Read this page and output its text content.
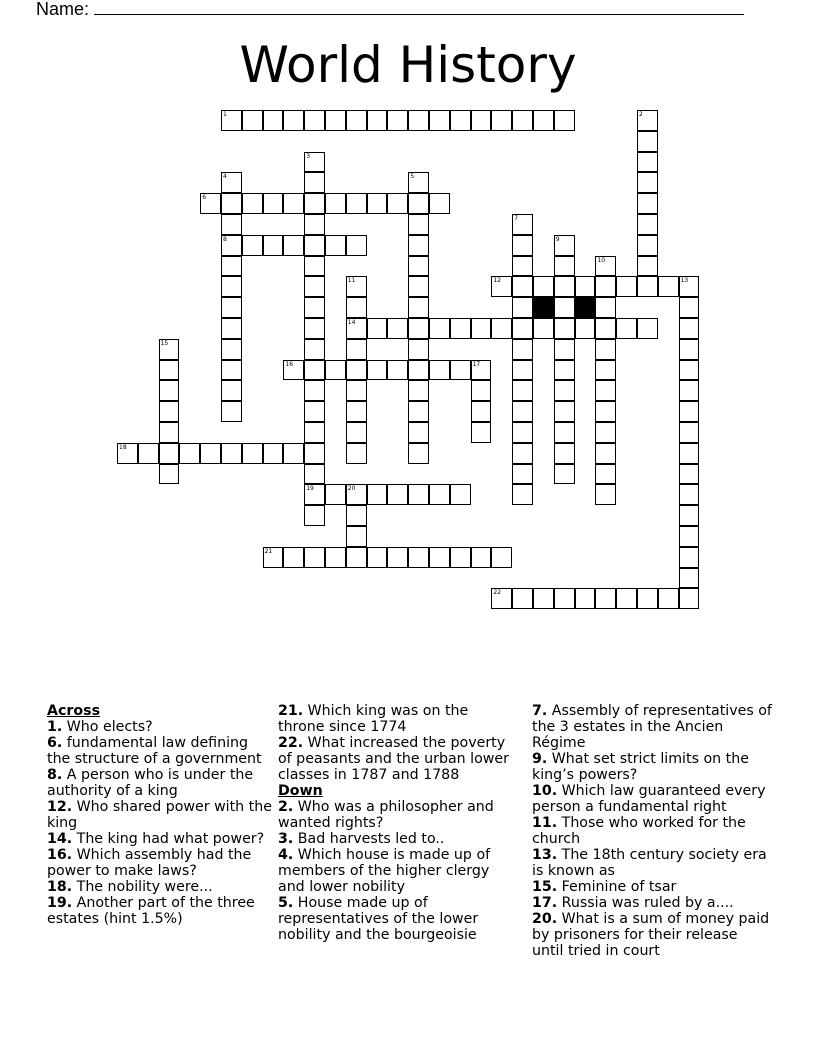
Name:
World History
1	2
3
19
4
8
5
6
7
9
10
11
14
12	13
15
16	17
18
20
21
22

Across

1. Who elects?

6. fundamental law defining the structure of a government

8. A person who is under the authority of a king

12. Who shared power with the king

14. The king had what power?

16. Which assembly had the power to make laws?

18. The nobility were...

19. Another part of the three estates (hint 1.5%)

21. Which king was on the throne since 1774

22. What increased the poverty of peasants and the urban lower classes in 1787 and 1788

Down

2. Who was a philosopher and wanted rights?

3. Bad harvests led to..

4. Which house is made up of members of the higher clergy and lower nobility

5. House made up of representatives of the lower nobility and the bourgeoisie

7. Assembly of representatives of the 3 estates in the Ancien Régime

9. What set strict limits on the king’s powers?

10. Which law guaranteed every person a fundamental right

11. Those who worked for the church

13. The 18th century society era is known as

15. Feminine of tsar

17. Russia was ruled by a....

20. What is a sum of money paid by prisoners for their release until tried in court
